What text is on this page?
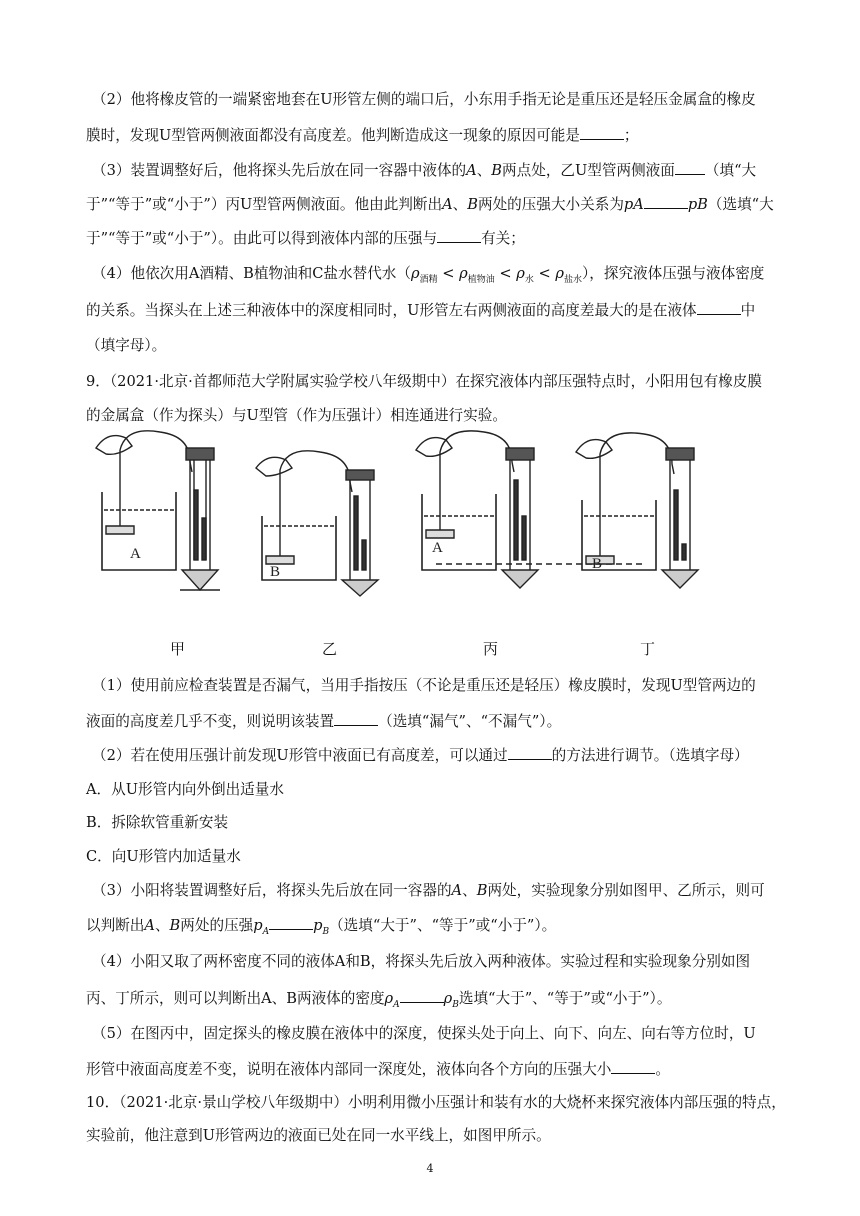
（2）他将橡皮管的一端紧密地套在U形管左侧的端口后，小东用手指无论是重压还是轻压金属盒的橡皮
膜时，发现U型管两侧液面都没有高度差。他判断造成这一现象的原因可能是	；
（3）装置调整好后，他将探头先后放在同一容器中液体的A、B两点处，乙U型管两侧液面 （填“大
于”“等于”或“小于”）丙U型管两侧液面。他由此判断出A、B两处的压强大小关系为pA	pB（选填“大
于”“等于”或“小于”）。由此可以得到液体内部的压强与	有关；
（4）他依次用A酒精、B植物油和C盐水替代水$(\rho_{酒精} < \rho_{植物油} < \rho_水 < \rho_{盐水})$，探究液体压强与液体密度
的关系。当探头在上述三种液体中的深度相同时，U形管左右两侧液面的高度差最大的是在液体	中
（填字母）。
9．（2021·北京·首都师范大学附属实验学校八年级期中）在探究液体内部压强特点时，小阳用包有橡皮膜
的金属盒（作为探头）与U型管（作为压强计）相连通进行实验。
A
B
A
B
甲	乙	丙	丁
（1）使用前应检查装置是否漏气，当用手指按压（不论是重压还是轻压）橡皮膜时，发现U型管两边的
液面的高度差几乎不变，则说明该装置	（选填“漏气”、“不漏气”）。
（2）若在使用压强计前发现U形管中液面已有高度差，可以通过	的方法进行调节。（选填字母）
A．从U形管内向外倒出适量水
B．拆除软管重新安装
C．向U形管内加适量水
（3）小阳将装置调整好后，将探头先后放在同一容器的A、B两处，实验现象分别如图甲、乙所示，则可
以判断出A、B两处的压强$p_A$	$p_B$（选填“大于”、“等于”或“小于”）。
（4）小阳又取了两杯密度不同的液体A和B，将探头先后放入两种液体。实验过程和实验现象分别如图
丙、丁所示，则可以判断出A、B两液体的密度$\rho_A$	$\rho_B$选填“大于”、“等于”或“小于”）。
（5）在图丙中，固定探头的橡皮膜在液体中的深度，使探头处于向上、向下、向左、向右等方位时，U
形管中液面高度差不变，说明在液体内部同一深度处，液体向各个方向的压强大小	。
10．（2021·北京·景山学校八年级期中）小明利用微小压强计和装有水的大烧杯来探究液体内部压强的特点，
实验前，他注意到U形管两边的液面已处在同一水平线上，如图甲所示。
4
